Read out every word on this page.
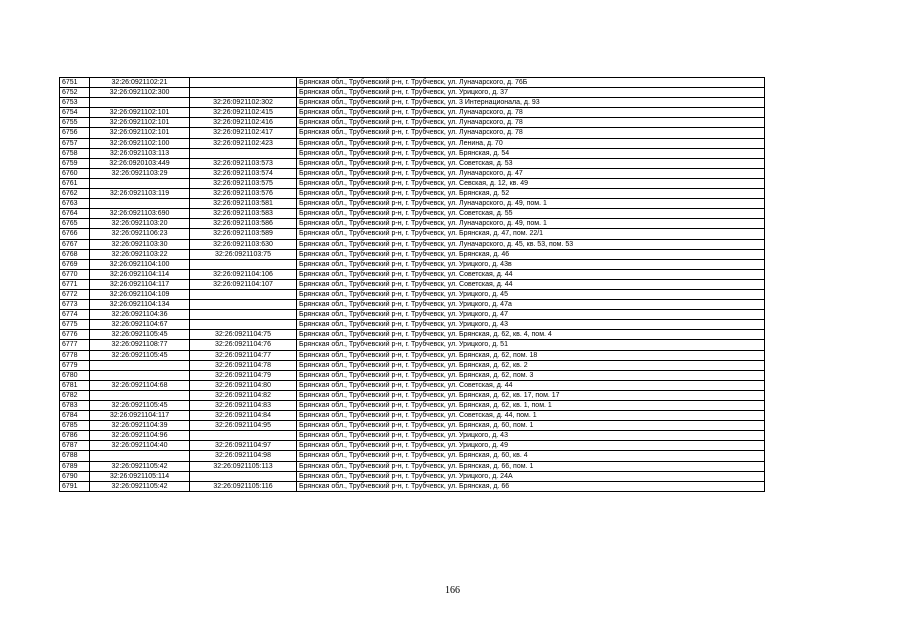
6751	32:26:0921102:21		Брянская обл., Трубчевский р-н, г. Трубчевск, ул. Луначарского, д. 76Б
6752	32:26:0921102:300		Брянская обл., Трубчевский р-н, г. Трубчевск, ул. Урицкого, д. 37
6753		32:26:0921102:302	Брянская обл., Трубчевский р-н, г. Трубчевск, ул. 3 Интернационала, д. 93
6754	32:26:0921102:101	32:26:0921102:415	Брянская обл., Трубчевский р-н, г. Трубчевск, ул. Луначарского, д. 78
6755	32:26:0921102:101	32:26:0921102:416	Брянская обл., Трубчевский р-н, г. Трубчевск, ул. Луначарского, д. 78
6756	32:26:0921102:101	32:26:0921102:417	Брянская обл., Трубчевский р-н, г. Трубчевск, ул. Луначарского, д. 78
6757	32:26:0921102:100	32:26:0921102:423	Брянская обл., Трубчевский р-н, г. Трубчевск, ул. Ленина, д. 70
6758	32:26:0921103:113		Брянская обл., Трубчевский р-н, г. Трубчевск, ул. Брянская, д. 54
6759	32:26:0920103:449	32:26:0921103:573	Брянская обл., Трубчевский р-н, г. Трубчевск, ул. Советская, д. 53
6760	32:26:0921103:29	32:26:0921103:574	Брянская обл., Трубчевский р-н, г. Трубчевск, ул. Луначарского, д. 47
6761		32:26:0921103:575	Брянская обл., Трубчевский р-н, г. Трубчевск, ул. Севская, д. 12, кв. 49
6762	32:26:0921103:119	32:26:0921103:576	Брянская обл., Трубчевский р-н, г. Трубчевск, ул. Брянская, д. 52
6763		32:26:0921103:581	Брянская обл., Трубчевский р-н, г. Трубчевск, ул. Луначарского, д. 49, пом. 1
6764	32:26:0921103:690	32:26:0921103:583	Брянская обл., Трубчевский р-н, г. Трубчевск, ул. Советская, д. 55
6765	32:26:0921103:20	32:26:0921103:586	Брянская обл., Трубчевский р-н, г. Трубчевск, ул. Луначарского, д. 49, пом. 1
6766	32:26:0921106:23	32:26:0921103:589	Брянская обл., Трубчевский р-н, г. Трубчевск, ул. Брянская, д. 47, пом. 22/1
6767	32:26:0921103:30	32:26:0921103:630	Брянская обл., Трубчевский р-н, г. Трубчевск, ул. Луначарского, д. 45, кв. 53, пом. 53
6768	32:26:0921103:22	32:26:0921103:75	Брянская обл., Трубчевский р-н, г. Трубчевск, ул. Брянская, д. 46
6769	32:26:0921104:100		Брянская обл., Трубчевский р-н, г. Трубчевск, ул. Урицкого, д. 43в
6770	32:26:0921104:114	32:26:0921104:106	Брянская обл., Трубчевский р-н, г. Трубчевск, ул. Советская, д. 44
6771	32:26:0921104:117	32:26:0921104:107	Брянская обл., Трубчевский р-н, г. Трубчевск, ул. Советская, д. 44
6772	32:26:0921104:109		Брянская обл., Трубчевский р-н, г. Трубчевск, ул. Урицкого, д. 45
6773	32:26:0921104:134		Брянская обл., Трубчевский р-н, г. Трубчевск, ул. Урицкого, д. 47а
6774	32:26:0921104:36		Брянская обл., Трубчевский р-н, г. Трубчевск, ул. Урицкого, д. 47
6775	32:26:0921104:67		Брянская обл., Трубчевский р-н, г. Трубчевск, ул. Урицкого, д. 43
6776	32:26:0921105:45	32:26:0921104:75	Брянская обл., Трубчевский р-н, г. Трубчевск, ул. Брянская, д. 62, кв. 4, пом. 4
6777	32:26:0921108:77	32:26:0921104:76	Брянская обл., Трубчевский р-н, г. Трубчевск, ул. Урицкого, д. 51
6778	32:26:0921105:45	32:26:0921104:77	Брянская обл., Трубчевский р-н, г. Трубчевск, ул. Брянская, д. 62, пом. 18
6779		32:26:0921104:78	Брянская обл., Трубчевский р-н, г. Трубчевск, ул. Брянская, д. 62, кв. 2
6780		32:26:0921104:79	Брянская обл., Трубчевский р-н, г. Трубчевск, ул. Брянская, д. 62, пом. 3
6781	32:26:0921104:68	32:26:0921104:80	Брянская обл., Трубчевский р-н, г. Трубчевск, ул. Советская, д. 44
6782		32:26:0921104:82	Брянская обл., Трубчевский р-н, г. Трубчевск, ул. Брянская, д. 62, кв. 17, пом. 17
6783	32:26:0921105:45	32:26:0921104:83	Брянская обл., Трубчевский р-н, г. Трубчевск, ул. Брянская, д. 62, кв. 1, пом. 1
6784	32:26:0921104:117	32:26:0921104:84	Брянская обл., Трубчевский р-н, г. Трубчевск, ул. Советская, д. 44, пом. 1
6785	32:26:0921104:39	32:26:0921104:95	Брянская обл., Трубчевский р-н, г. Трубчевск, ул. Брянская, д. 60, пом. 1
6786	32:26:0921104:96		Брянская обл., Трубчевский р-н, г. Трубчевск, ул. Урицкого, д. 43
6787	32:26:0921104:40	32:26:0921104:97	Брянская обл., Трубчевский р-н, г. Трубчевск, ул. Урицкого, д. 49
6788		32:26:0921104:98	Брянская обл., Трубчевский р-н, г. Трубчевск, ул. Брянская, д. 60, кв. 4
6789	32:26:0921105:42	32:26:0921105:113	Брянская обл., Трубчевский р-н, г. Трубчевск, ул. Брянская, д. 66, пом. 1
6790	32:26:0921105:114		Брянская обл., Трубчевский р-н, г. Трубчевск, ул. Урицкого, д. 24А
6791	32:26:0921105:42	32:26:0921105:116	Брянская обл., Трубчевский р-н, г. Трубчевск, ул. Брянская, д. 66
166
